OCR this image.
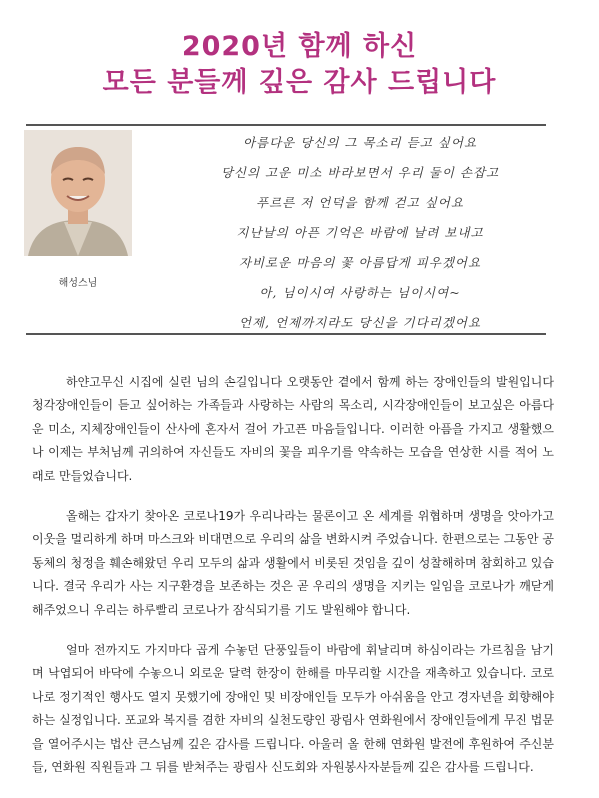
2020년 함께 하신
모든 분들께 깊은 감사 드립니다
해성스님
아름다운 당신의 그 목소리 듣고 싶어요
당신의 고운 미소 바라보면서 우리 둘이 손잡고
푸르른 저 언덕을 함께 걷고 싶어요
지난날의 아픈 기억은 바람에 날려 보내고
자비로운 마음의 꽃 아름답게 피우겠어요
아, 님이시여 사랑하는 님이시여~
언제, 언제까지라도 당신을 기다리겠어요

하얀고무신 시집에 실린 님의 손길입니다 오랫동안 곁에서 함께 하는 장애인들의 발원입니다 청각장애인들이 듣고 싶어하는 가족들과 사랑하는 사람의 목소리, 시각장애인들이 보고싶은 아름다운 미소, 지체장애인들이 산사에 혼자서 걸어 가고픈 마음들입니다. 이러한 아픔을 가지고 생활했으나 이제는 부처님께 귀의하여 자신들도 자비의 꽃을 피우기를 약속하는 모습을 연상한 시를 적어 노래로 만들었습니다.

올해는 갑자기 찾아온 코로나19가 우리나라는 물론이고 온 세계를 위협하며 생명을 앗아가고 이웃을 멀리하게 하며 마스크와 비대면으로 우리의 삶을 변화시켜 주었습니다. 한편으로는 그동안 공동체의 청정을 훼손해왔던 우리 모두의 삶과 생활에서 비롯된 것임을 깊이 성찰해하며 참회하고 있습니다. 결국 우리가 사는 지구환경을 보존하는 것은 곧 우리의 생명을 지키는 일임을 코로나가 깨닫게 해주었으니 우리는 하루빨리 코로나가 잠식되기를 기도 발원해야 합니다.

얼마 전까지도 가지마다 곱게 수놓던 단풍잎들이 바람에 휘날리며 하심이라는 가르침을 남기며 낙엽되어 바닥에 수놓으니 외로운 달력 한장이 한해를 마무리할 시간을 재촉하고 있습니다. 코로나로 정기적인 행사도 열지 못했기에 장애인 및 비장애인들 모두가 아쉬움을 안고 경자년을 회향해야 하는 실정입니다. 포교와 복지를 겸한 자비의 실천도량인 광림사 연화원에서 장애인들에게 무진 법문을 열어주시는 법산 큰스님께 깊은 감사를 드립니다. 아울러 올 한해 연화원 발전에 후원하여 주신분들, 연화원 직원들과 그 뒤를 받쳐주는 광림사 신도회와 자원봉사자분들께 깊은 감사를 드립니다.
